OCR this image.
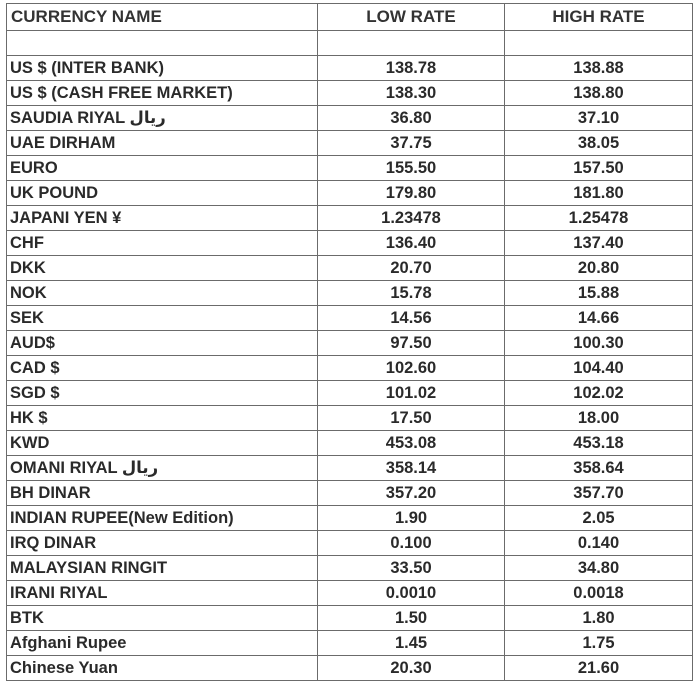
CURRENCY NAME	LOW RATE	HIGH RATE

US $ (INTER BANK)	138.78	138.88
US $ (CASH FREE MARKET)	138.30	138.80
SAUDIA RIYAL ريال	36.80	37.10
UAE DIRHAM	37.75	38.05
EURO	155.50	157.50
UK POUND	179.80	181.80
JAPANI YEN ¥	1.23478	1.25478
CHF	136.40	137.40
DKK	20.70	20.80
NOK	15.78	15.88
SEK	14.56	14.66
AUD$	97.50	100.30
CAD $	102.60	104.40
SGD $	101.02	102.02
HK $	17.50	18.00
KWD	453.08	453.18
OMANI RIYAL ريال	358.14	358.64
BH DINAR	357.20	357.70
INDIAN RUPEE(New Edition)	1.90	2.05
IRQ DINAR	0.100	0.140
MALAYSIAN RINGIT	33.50	34.80
IRANI RIYAL	0.0010	0.0018
BTK	1.50	1.80
Afghani Rupee	1.45	1.75
Chinese Yuan	20.30	21.60
